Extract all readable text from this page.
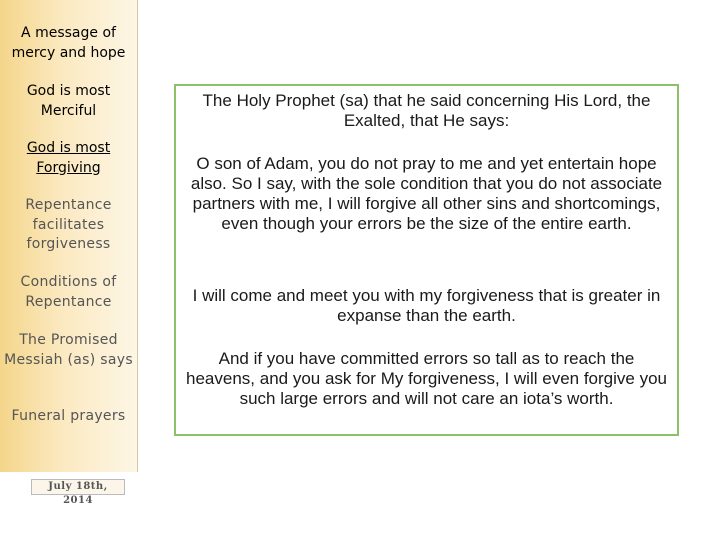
A message of mercy and hope
God is most Merciful
God is most Forgiving
Repentance facilitates forgiveness
Conditions of Repentance
The Promised Messiah (as) says
Funeral prayers
July 18th, 2014
The Holy Prophet (sa) that he said concerning His Lord, the Exalted, that He says:
O son of Adam, you do not pray to me and yet entertain hope also. So I say, with the sole condition that you do not associate partners with me, I will forgive all other sins and shortcomings, even though your errors be the size of the entire earth.
I will come and meet you with my forgiveness that is greater in expanse than the earth.
And if you have committed errors so tall as to reach the heavens, and you ask for My forgiveness, I will even forgive you such large errors and will not care an iota’s worth.
